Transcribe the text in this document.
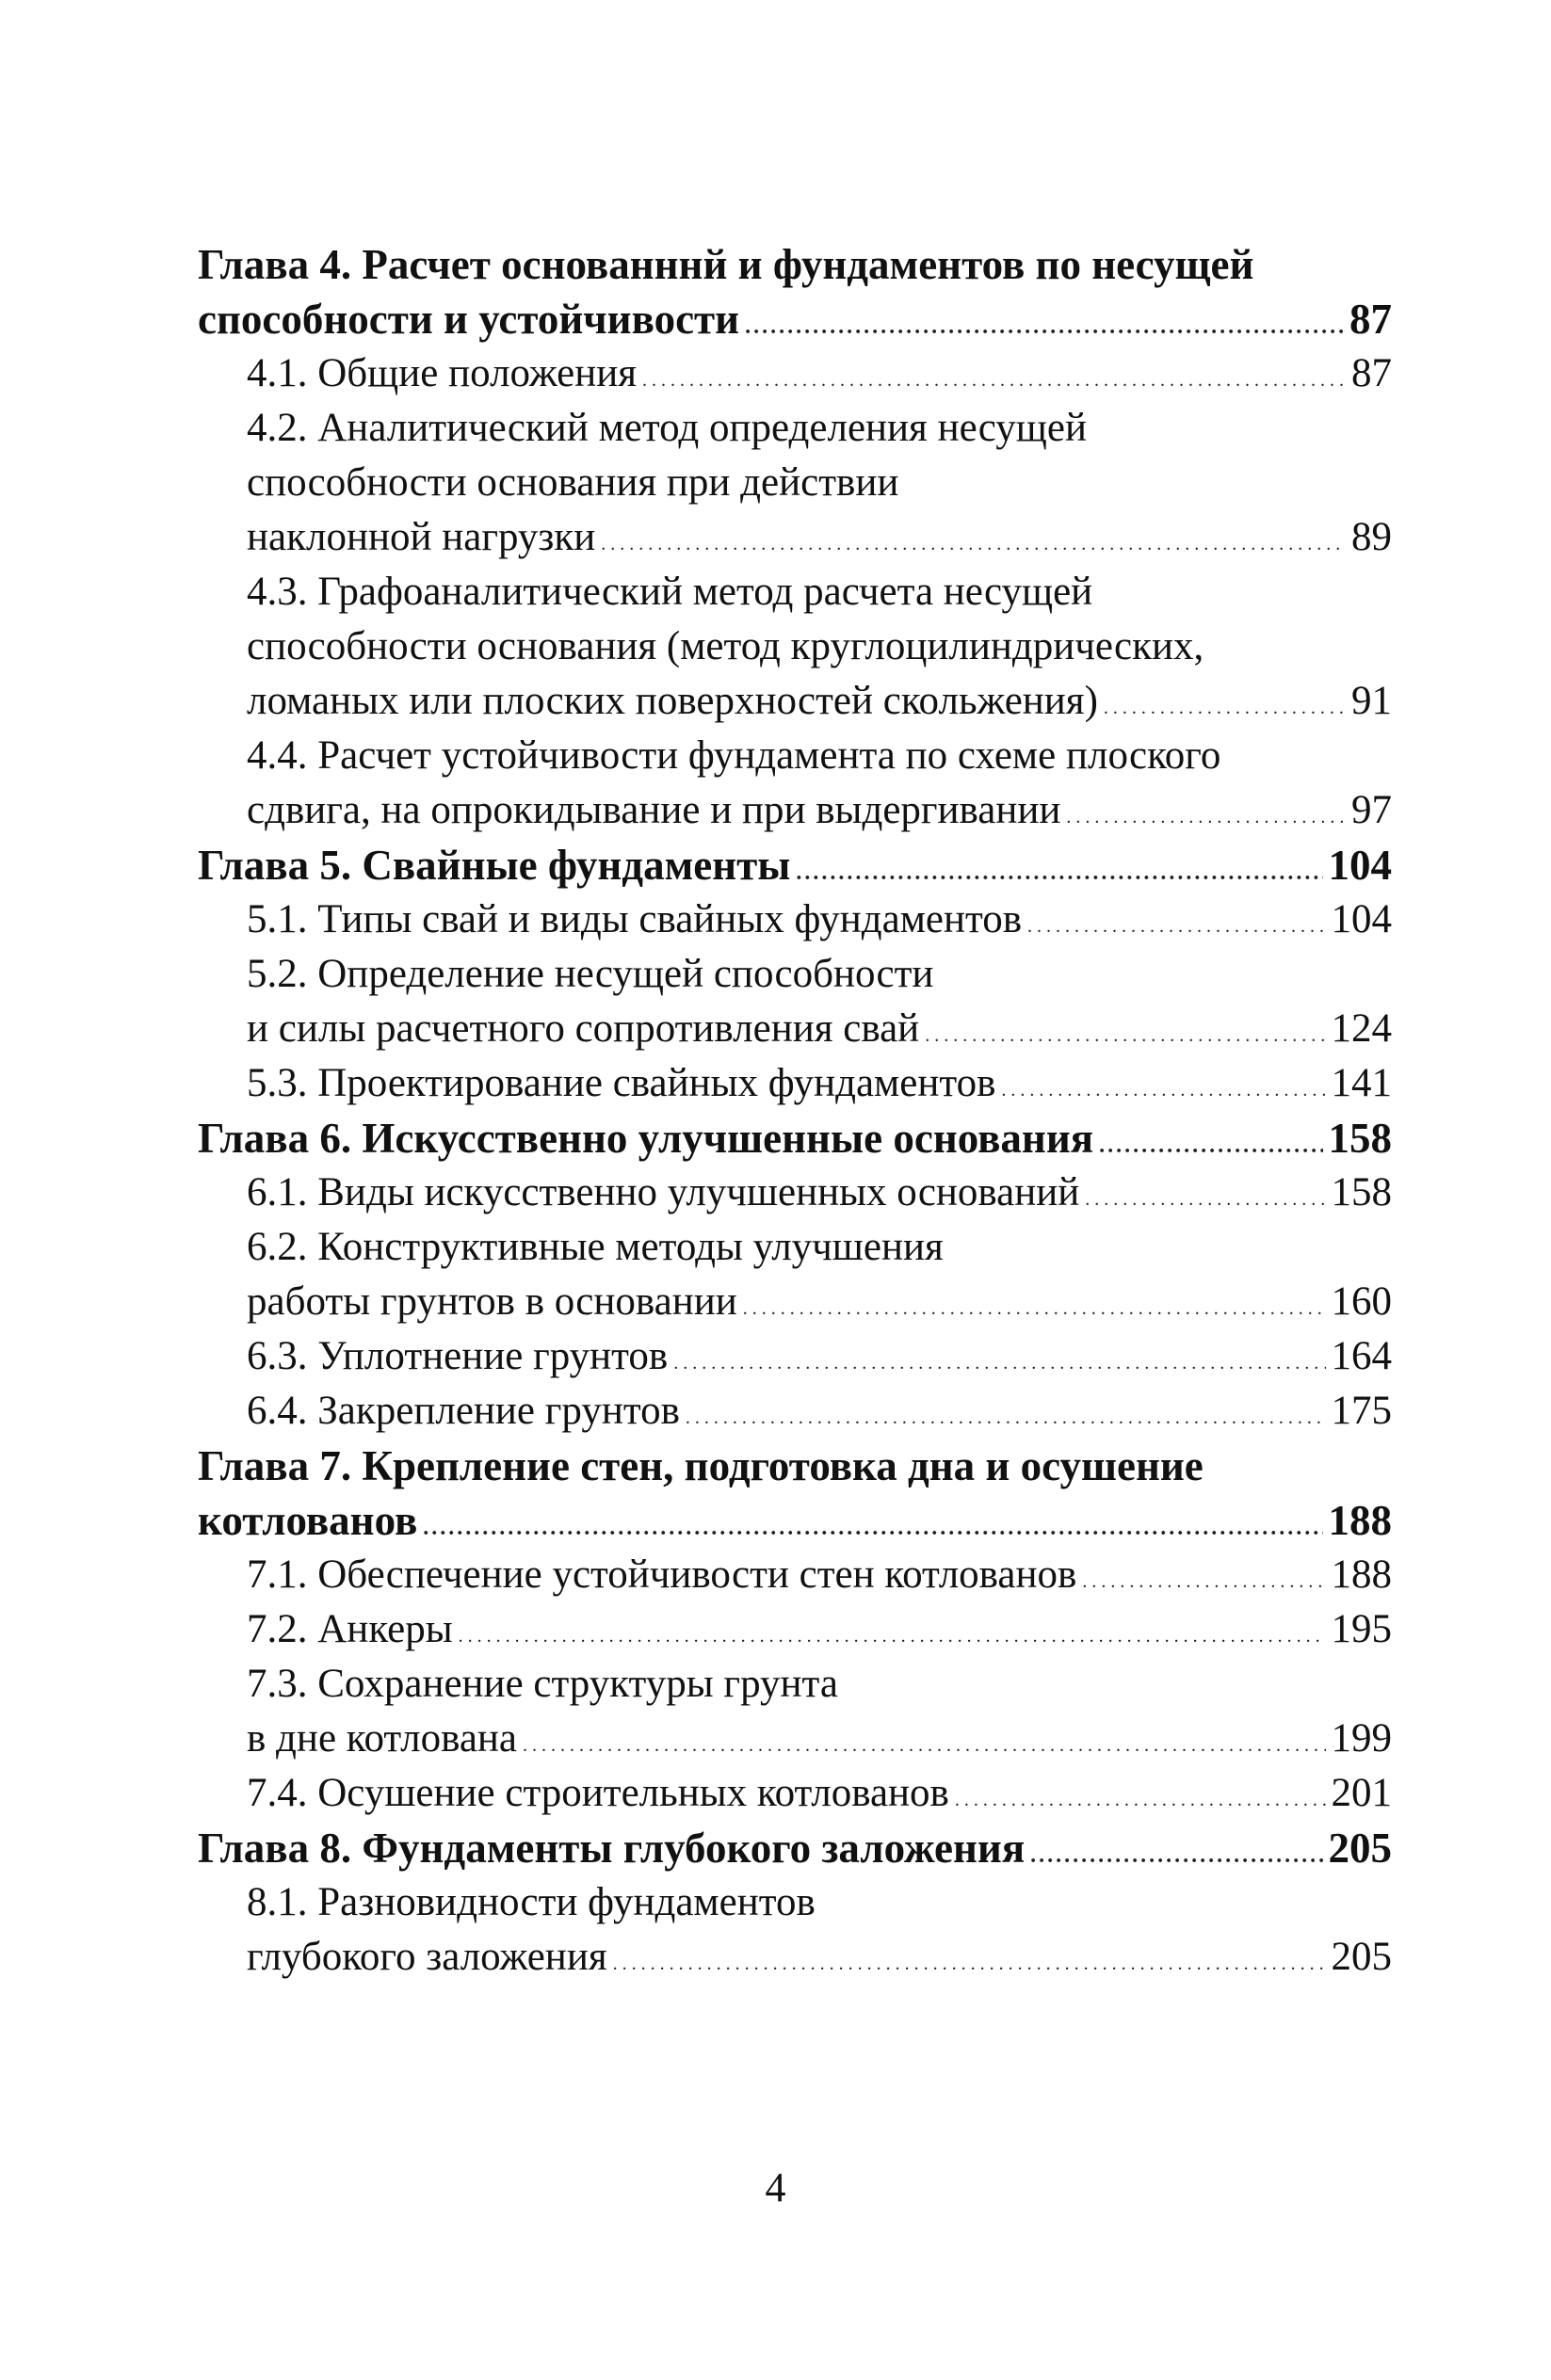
Глава 4. Расчет основанннй и фундаментов по несущей
способности и устойчивости .....	87
4.1. Общие положения .....	87
4.2. Аналитический метод определения несущей
способности основания при действии
наклонной нагрузки .....	89
4.3. Графоаналитический метод расчета несущей
способности основания (метод круглоцилиндрических,
ломаных или плоских поверхностей скольжения) .....	91
4.4. Расчет устойчивости фундамента по схеме плоского
сдвига, на опрокидывание и при выдергивании .....	97
Глава 5. Свайные фундаменты .....	104
5.1. Типы свай и виды свайных фундаментов .....	104
5.2. Определение несущей способности
и силы расчетного сопротивления свай .....	124
5.3. Проектирование свайных фундаментов .....	141
Глава 6. Искусственно улучшенные основания .....	158
6.1. Виды искусственно улучшенных оснований .....	158
6.2. Конструктивные методы улучшения
работы грунтов в основании .....	160
6.3. Уплотнение грунтов .....	164
6.4. Закрепление грунтов .....	175
Глава 7. Крепление стен, подготовка дна и осушение
котлованов .....	188
7.1. Обеспечение устойчивости стен котлованов .....	188
7.2. Анкеры .....	195
7.3. Сохранение структуры грунта
в дне котлована .....	199
7.4. Осушение строительных котлованов .....	201
Глава 8. Фундаменты глубокого заложения .....	205
8.1. Разновидности фундаментов
глубокого заложения .....	205
4
